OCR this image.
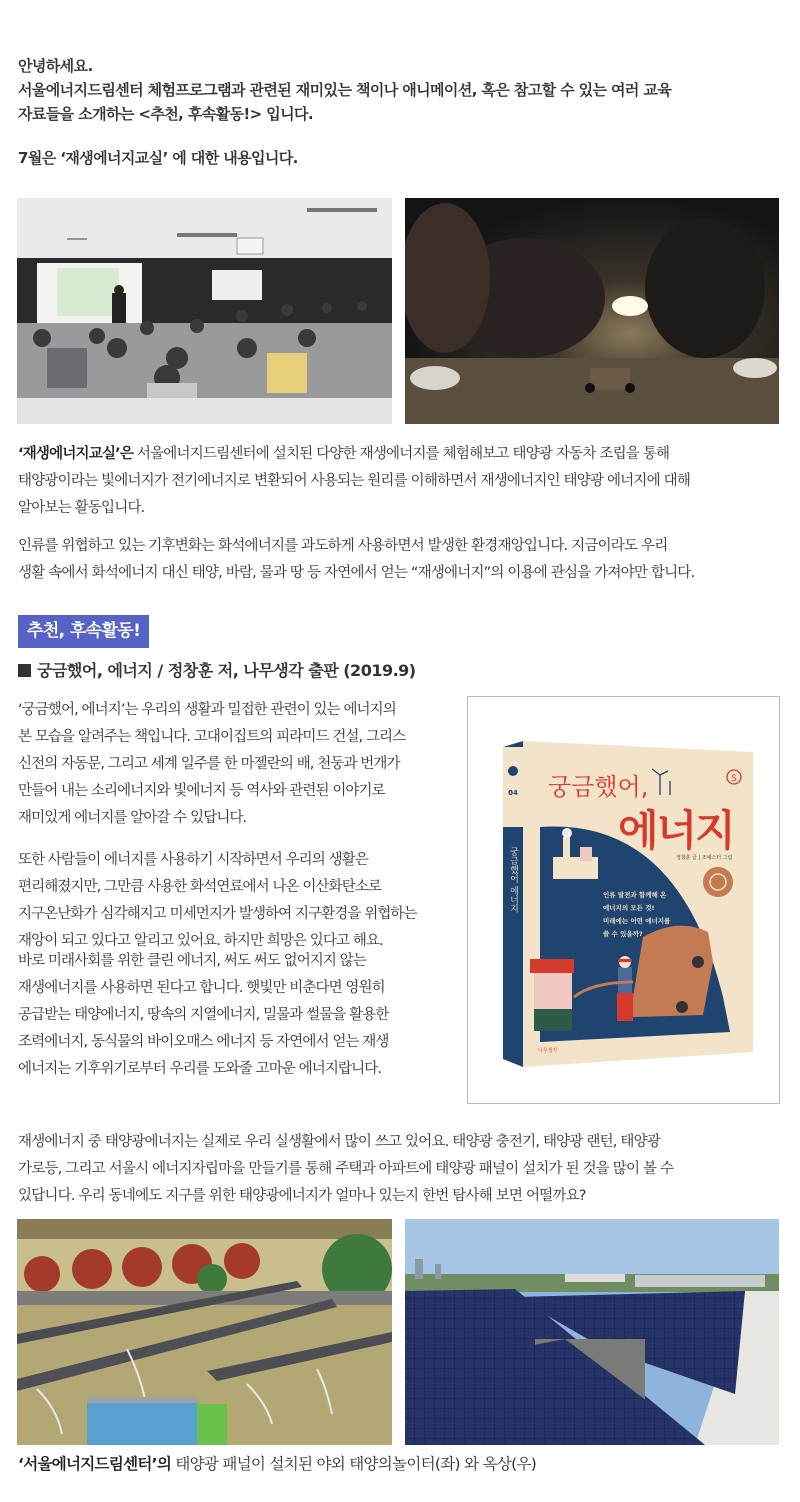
안녕하세요.

서울에너지드림센터 체험프로그램과 관련된 재미있는 책이나 애니메이션, 혹은 참고할 수 있는 여러 교육

자료들을 소개하는 <추천, 후속활동!> 입니다.

7월은 ‘재생에너지교실’ 에 대한 내용입니다.

‘재생에너지교실’은 서울에너지드림센터에 설치된 다양한 재생에너지를 체험해보고 태양광 자동차 조립을 통해

태양광이라는 빛에너지가 전기에너지로 변환되어 사용되는 원리를 이해하면서 재생에너지인 태양광 에너지에 대해

알아보는 활동입니다.

인류를 위협하고 있는 기후변화는 화석에너지를 과도하게 사용하면서 발생한 환경재앙입니다. 지금이라도 우리

생활 속에서 화석에너지 대신 태양, 바람, 물과 땅 등 자연에서 얻는 “재생에너지”의 이용에 관심을 가져야만 합니다.

추천, 후속활동!
궁금했어, 에너지 / 정창훈 저, 나무생각 출판 (2019.9)

‘궁금했어, 에너지’는 우리의 생활과 밀접한 관련이 있는 에너지의

본 모습을 알려주는 책입니다. 고대이집트의 피라미드 건설, 그리스

신전의 자동문, 그리고 세계 일주를 한 마젤란의 배, 천둥과 번개가

만들어 내는 소리에너지와 빛에너지 등 역사와 관련된 이야기로

재미있게 에너지를 알아갈 수 있답니다.

또한 사람들이 에너지를 사용하기 시작하면서 우리의 생활은

편리해졌지만, 그만큼 사용한 화석연료에서 나온 이산화탄소로

지구온난화가 심각해지고 미세먼지가 발생하여 지구환경을 위협하는

재앙이 되고 있다고 알리고 있어요. 하지만 희망은 있다고 해요.

바로 미래사회를 위한 클린 에너지, 써도 써도 없어지지 않는

재생에너지를 사용하면 된다고 합니다. 햇빛만 비춘다면 영원히

공급받는 태양에너지, 땅속의 지열에너지, 밀물과 썰물을 활용한

조력에너지, 동식물의 바이오매스 에너지 등 자연에서 얻는 재생

에너지는 기후위기로부터 우리를 도와줄 고마운 에너지랍니다.

04
궁금했어 에너지
궁금했어,	S
에너지
정창훈 글 | 조예스터 그림
인류 발전과 함께해 온
에너지의 모든 것!
미래에는 어떤 에너지를
쓸 수 있을까?
나무생각

재생에너지 중 태양광에너지는 실제로 우리 실생활에서 많이 쓰고 있어요. 태양광 충전기, 태양광 랜턴, 태양광

가로등, 그리고 서울시 에너지자립마을 만들기를 통해 주택과 아파트에 태양광 패널이 설치가 된 것을 많이 볼 수

있답니다. 우리 동네에도 지구를 위한 태양광에너지가 얼마나 있는지 한번 탐사해 보면 어떨까요?

‘서울에너지드림센터’의 태양광 패널이 설치된 야외 태양의놀이터(좌) 와 옥상(우)
